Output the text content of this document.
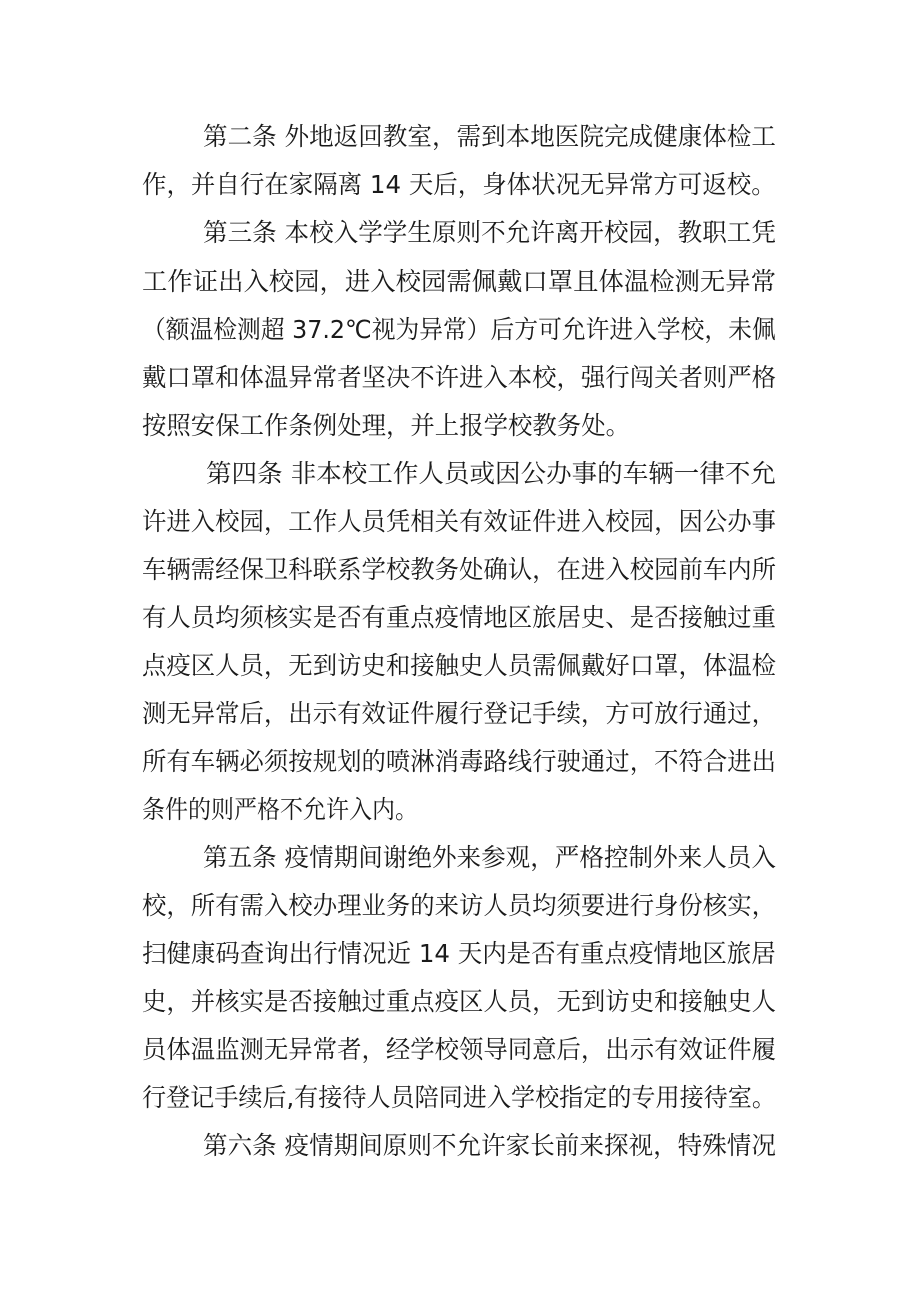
第二条 外地返回教室，需到本地医院完成健康体检工
作，并自行在家隔离 14 天后，身体状况无异常方可返校。
第三条 本校入学学生原则不允许离开校园，教职工凭
工作证出入校园，进入校园需佩戴口罩且体温检测无异常
（额温检测超 37.2℃视为异常）后方可允许进入学校，未佩
戴口罩和体温异常者坚决不许进入本校，强行闯关者则严格
按照安保工作条例处理，并上报学校教务处。
第四条 非本校工作人员或因公办事的车辆一律不允
许进入校园，工作人员凭相关有效证件进入校园，因公办事
车辆需经保卫科联系学校教务处确认，在进入校园前车内所
有人员均须核实是否有重点疫情地区旅居史、是否接触过重
点疫区人员，无到访史和接触史人员需佩戴好口罩，体温检
测无异常后，出示有效证件履行登记手续，方可放行通过，
所有车辆必须按规划的喷淋消毒路线行驶通过，不符合进出
条件的则严格不允许入内。
第五条 疫情期间谢绝外来参观，严格控制外来人员入
校，所有需入校办理业务的来访人员均须要进行身份核实，
扫健康码查询出行情况近 14 天内是否有重点疫情地区旅居
史，并核实是否接触过重点疫区人员，无到访史和接触史人
员体温监测无异常者，经学校领导同意后，出示有效证件履
行登记手续后,有接待人员陪同进入学校指定的专用接待室。
第六条 疫情期间原则不允许家长前来探视，特殊情况
